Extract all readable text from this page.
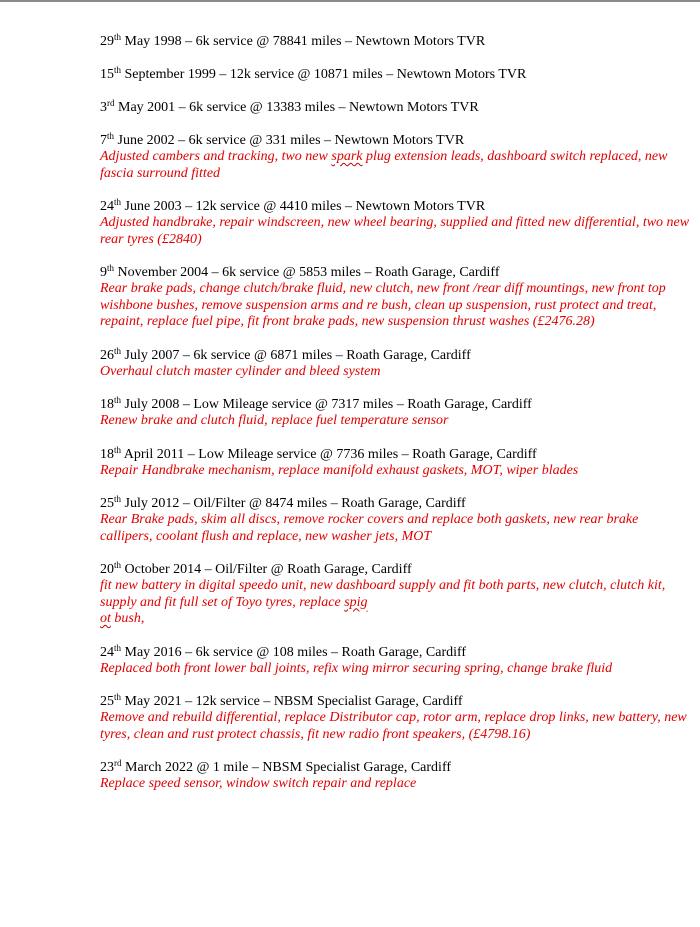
29th May 1998 – 6k service @ 78841 miles – Newtown Motors TVR
15th September 1999 – 12k service @ 10871 miles – Newtown Motors TVR
3rd May 2001 – 6k service @ 13383 miles – Newtown Motors TVR
7th June 2002 – 6k service @ 331 miles – Newtown Motors TVR
Adjusted cambers and tracking, two new spark plug extension leads, dashboard switch replaced, new fascia surround fitted
24th June 2003 – 12k service @ 4410 miles – Newtown Motors TVR
Adjusted handbrake, repair windscreen, new wheel bearing, supplied and fitted new differential, two new rear tyres (£2840)
9th November 2004 – 6k service @ 5853 miles – Roath Garage, Cardiff
Rear brake pads, change clutch/brake fluid, new clutch, new front /rear diff mountings, new front top wishbone bushes, remove suspension arms and re bush, clean up suspension, rust protect and treat, repaint, replace fuel pipe, fit front brake pads, new suspension thrust washes (£2476.28)
26th July 2007 – 6k service @ 6871 miles – Roath Garage, Cardiff
Overhaul clutch master cylinder and bleed system
18th July 2008 – Low Mileage service @ 7317 miles – Roath Garage, Cardiff
Renew brake and clutch fluid, replace fuel temperature sensor
18th April 2011 – Low Mileage service @ 7736 miles – Roath Garage, Cardiff
Repair Handbrake mechanism, replace manifold exhaust gaskets, MOT, wiper blades
25th July 2012 – Oil/Filter @ 8474 miles – Roath Garage, Cardiff
Rear Brake pads, skim all discs, remove rocker covers and replace both gaskets, new rear brake callipers, coolant flush and replace, new washer jets, MOT
20th October 2014 – Oil/Filter @ Roath Garage, Cardiff
fit new battery in digital speedo unit, new dashboard supply and fit both parts, new clutch, clutch kit, supply and fit full set of Toyo tyres, replace spig
ot bush,
24th May 2016 – 6k service @ 108 miles – Roath Garage, Cardiff
Replaced both front lower ball joints, refix wing mirror securing spring, change brake fluid
25th May 2021 – 12k service – NBSM Specialist Garage, Cardiff
Remove and rebuild differential, replace Distributor cap, rotor arm, replace drop links, new battery, new tyres, clean and rust protect chassis, fit new radio front speakers, (£4798.16)
23rd March 2022 @ 1 mile – NBSM Specialist Garage, Cardiff
Replace speed sensor, window switch repair and replace
